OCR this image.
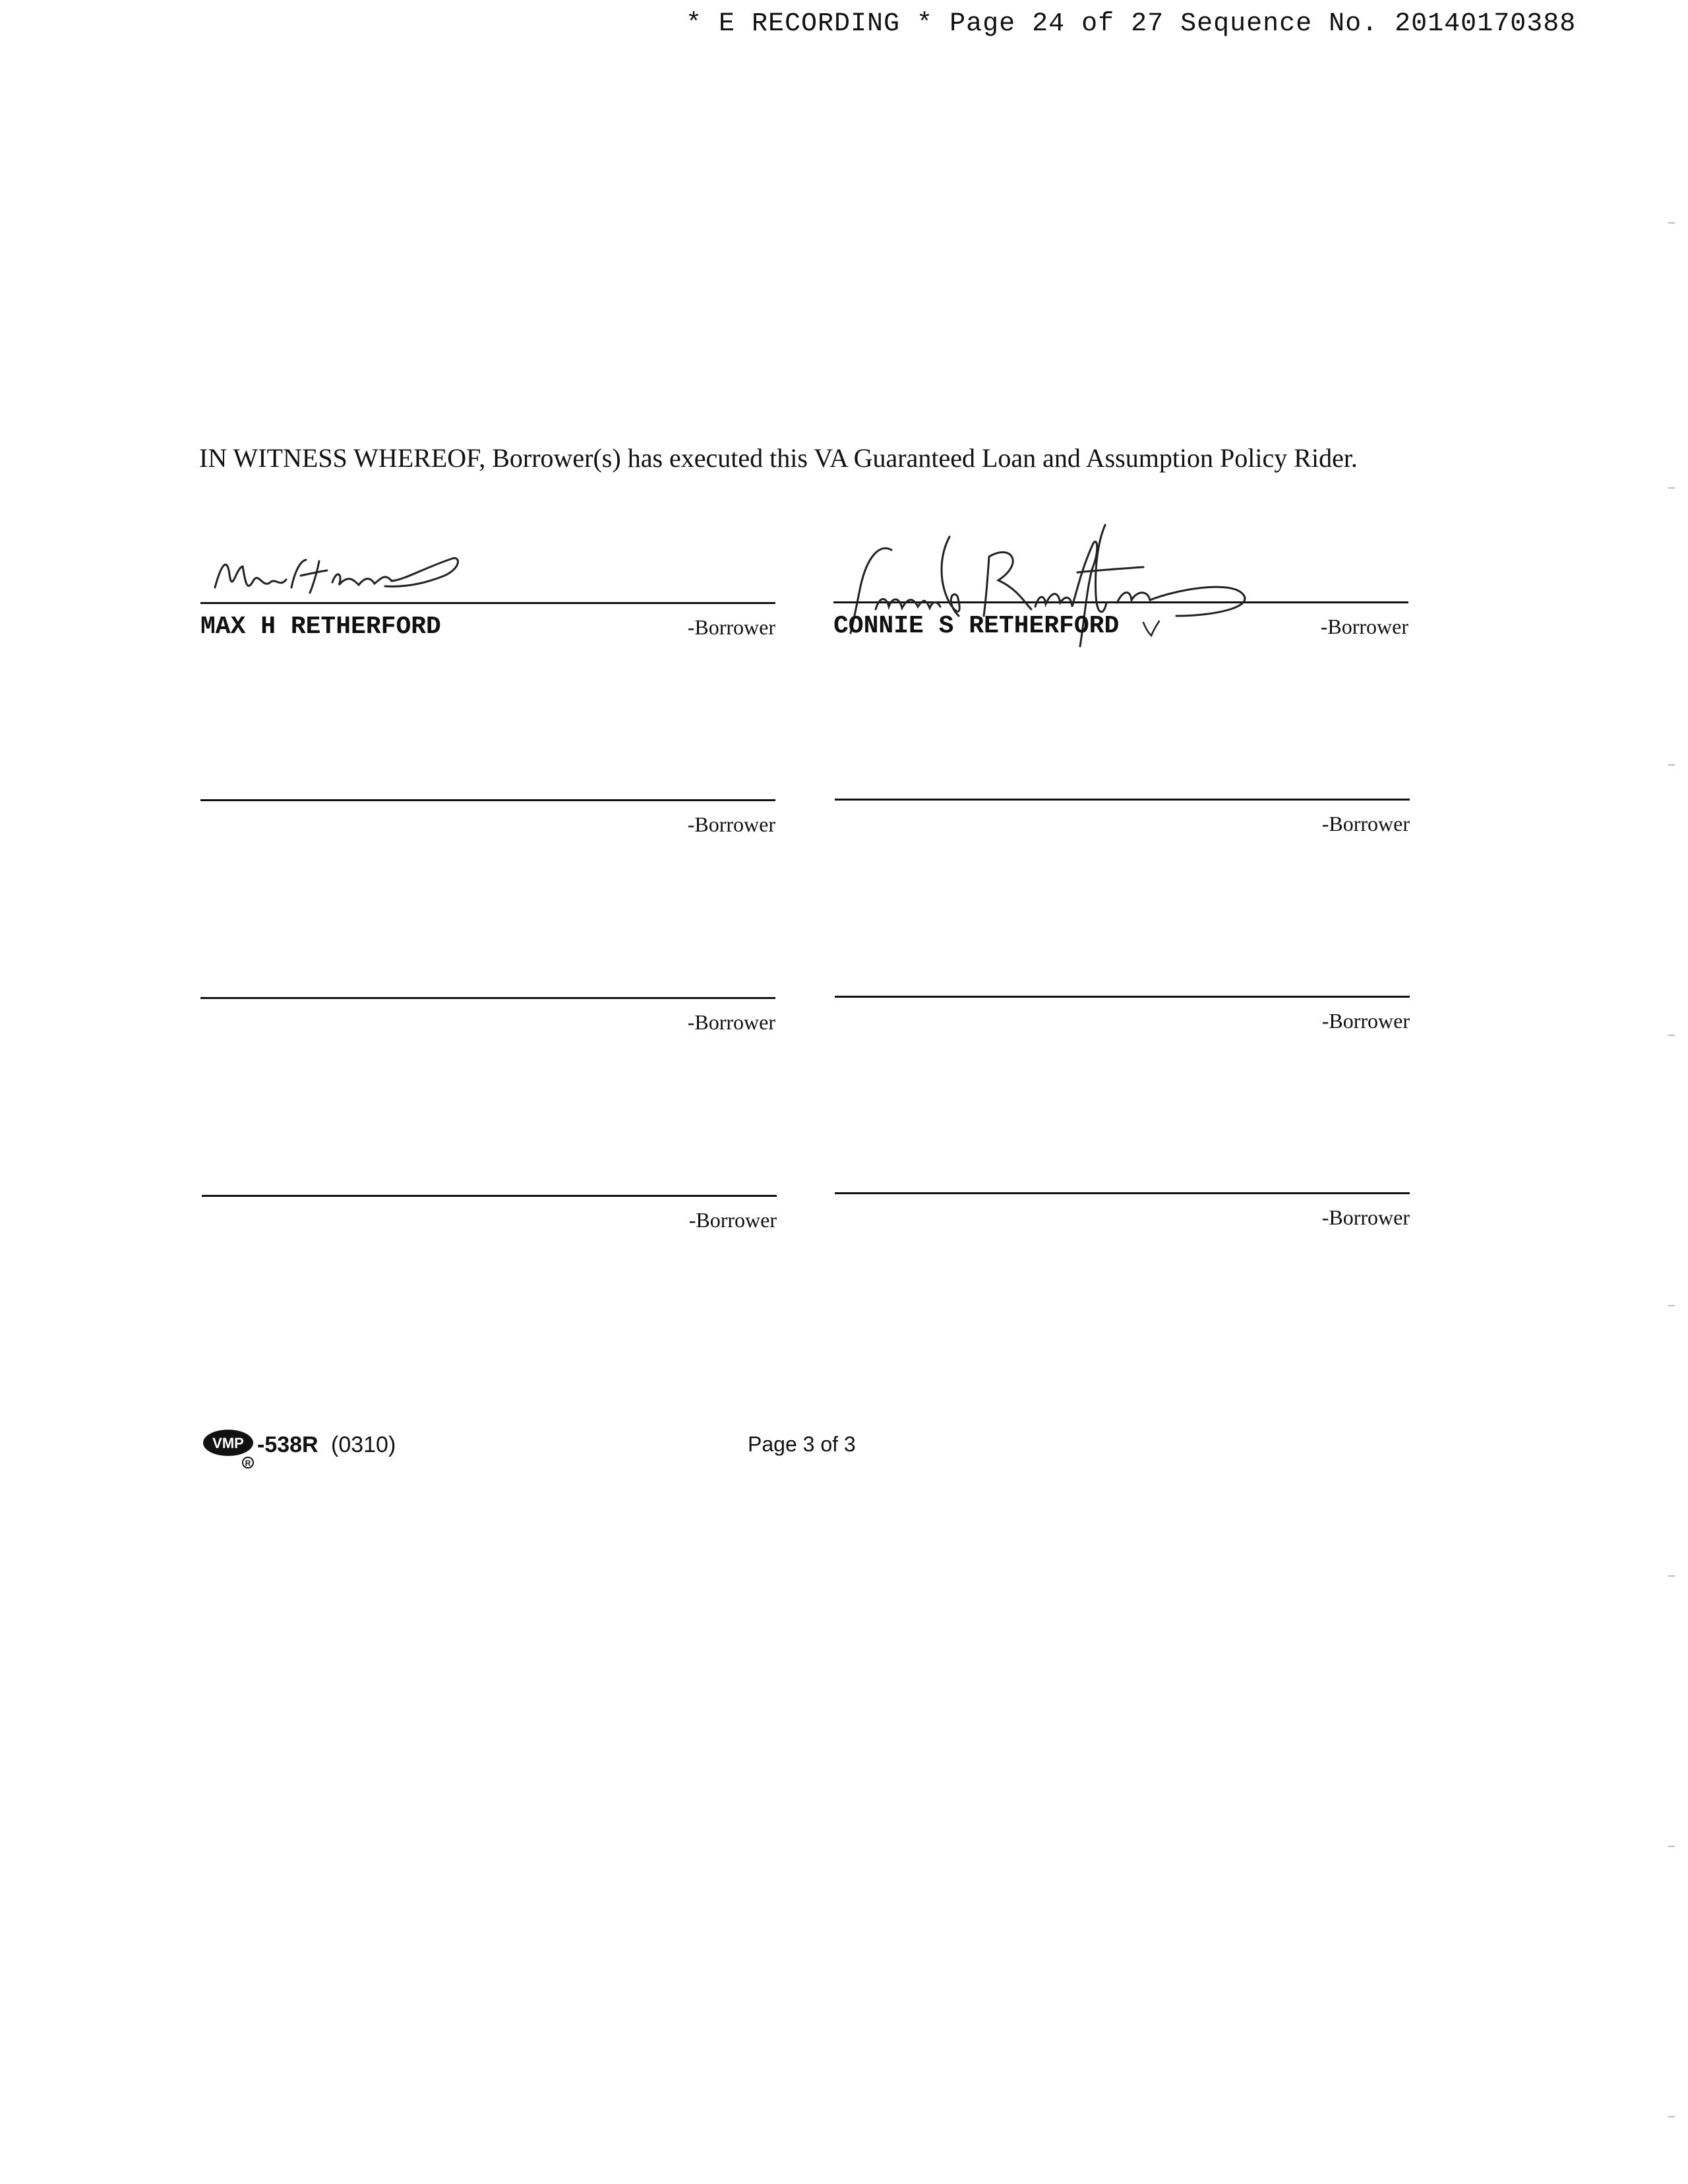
* E RECORDING * Page 24 of 27 Sequence No. 20140170388

IN WITNESS WHEREOF, Borrower(s) has executed this VA Guaranteed Loan and Assumption Policy Rider.

MAX H RETHERFORD	-Borrower CONNIE S RETHERFORD	-Borrower
-Borrower	-Borrower
-Borrower	-Borrower
-Borrower	-Borrower
VMP
R
-538R (0310)	Page 3 of 3
